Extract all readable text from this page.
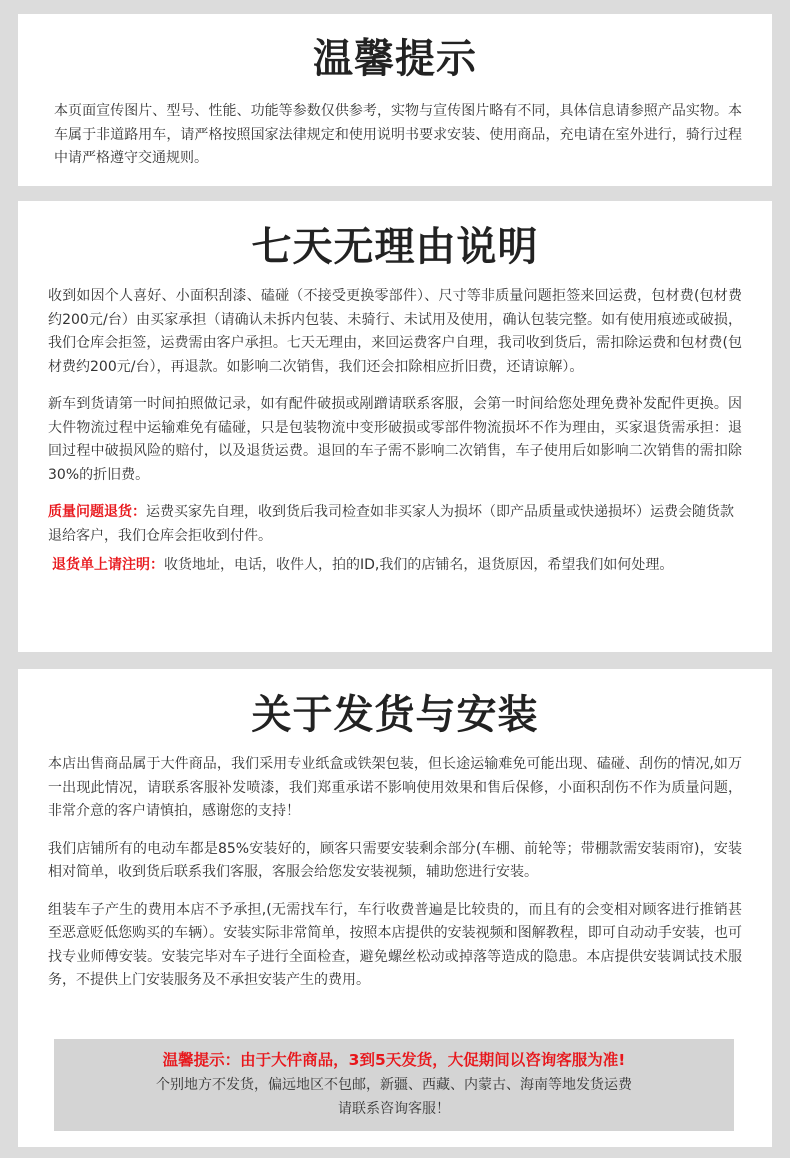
温馨提示

本页面宣传图片、型号、性能、功能等参数仅供参考，实物与宣传图片略有不同，具体信息请参照产品实物。本车属于非道路用车，请严格按照国家法律规定和使用说明书要求安装、使用商品，充电请在室外进行，骑行过程中请严格遵守交通规则。

七天无理由说明

收到如因个人喜好、小面积刮漆、磕碰（不接受更换零部件）、尺寸等非质量问题拒签来回运费，包材费(包材费约200元/台）由买家承担（请确认未拆内包装、未骑行、未试用及使用，确认包装完整。如有使用痕迹或破损，我们仓库会拒签，运费需由客户承担。七天无理由，来回运费客户自理，我司收到货后，需扣除运费和包材费(包材费约200元/台），再退款。如影响二次销售，我们还会扣除相应折旧费，还请谅解）。

新车到货请第一时间拍照做记录，如有配件破损或剐蹭请联系客服，会第一时间给您处理免费补发配件更换。因大件物流过程中运输难免有磕碰，只是包装物流中变形破损或零部件物流损坏不作为理由，买家退货需承担：退回过程中破损风险的赔付，以及退货运费。退回的车子需不影响二次销售，车子使用后如影响二次销售的需扣除30%的折旧费。

质量问题退货：运费买家先自理，收到货后我司检查如非买家人为损坏（即产品质量或快递损坏）运费会随货款退给客户，我们仓库会拒收到付件。

退货单上请注明：收货地址，电话，收件人，拍的ID,我们的店铺名，退货原因，希望我们如何处理。

关于发货与安装

本店出售商品属于大件商品，我们采用专业纸盒或铁架包装，但长途运输难免可能出现、磕碰、刮伤的情况,如万一出现此情况，请联系客服补发喷漆，我们郑重承诺不影响使用效果和售后保修，小面积刮伤不作为质量问题，非常介意的客户请慎拍，感谢您的支持！

我们店铺所有的电动车都是85%安装好的，顾客只需要安装剩余部分(车棚、前轮等；带棚款需安装雨帘)，安装相对简单，收到货后联系我们客服，客服会给您发安装视频，辅助您进行安装。

组装车子产生的费用本店不予承担,(无需找车行，车行收费普遍是比较贵的，而且有的会变相对顾客进行推销甚至恶意贬低您购买的车辆）。安装实际非常简单，按照本店提供的安装视频和图解教程，即可自动动手安装，也可找专业师傅安装。安装完毕对车子进行全面检查，避免螺丝松动或掉落等造成的隐患。本店提供安装调试技术服务，不提供上门安装服务及不承担安装产生的费用。

温馨提示：由于大件商品，3到5天发货，大促期间以咨询客服为准!

个别地方不发货，偏远地区不包邮，新疆、西藏、内蒙古、海南等地发货运费

请联系咨询客服！
